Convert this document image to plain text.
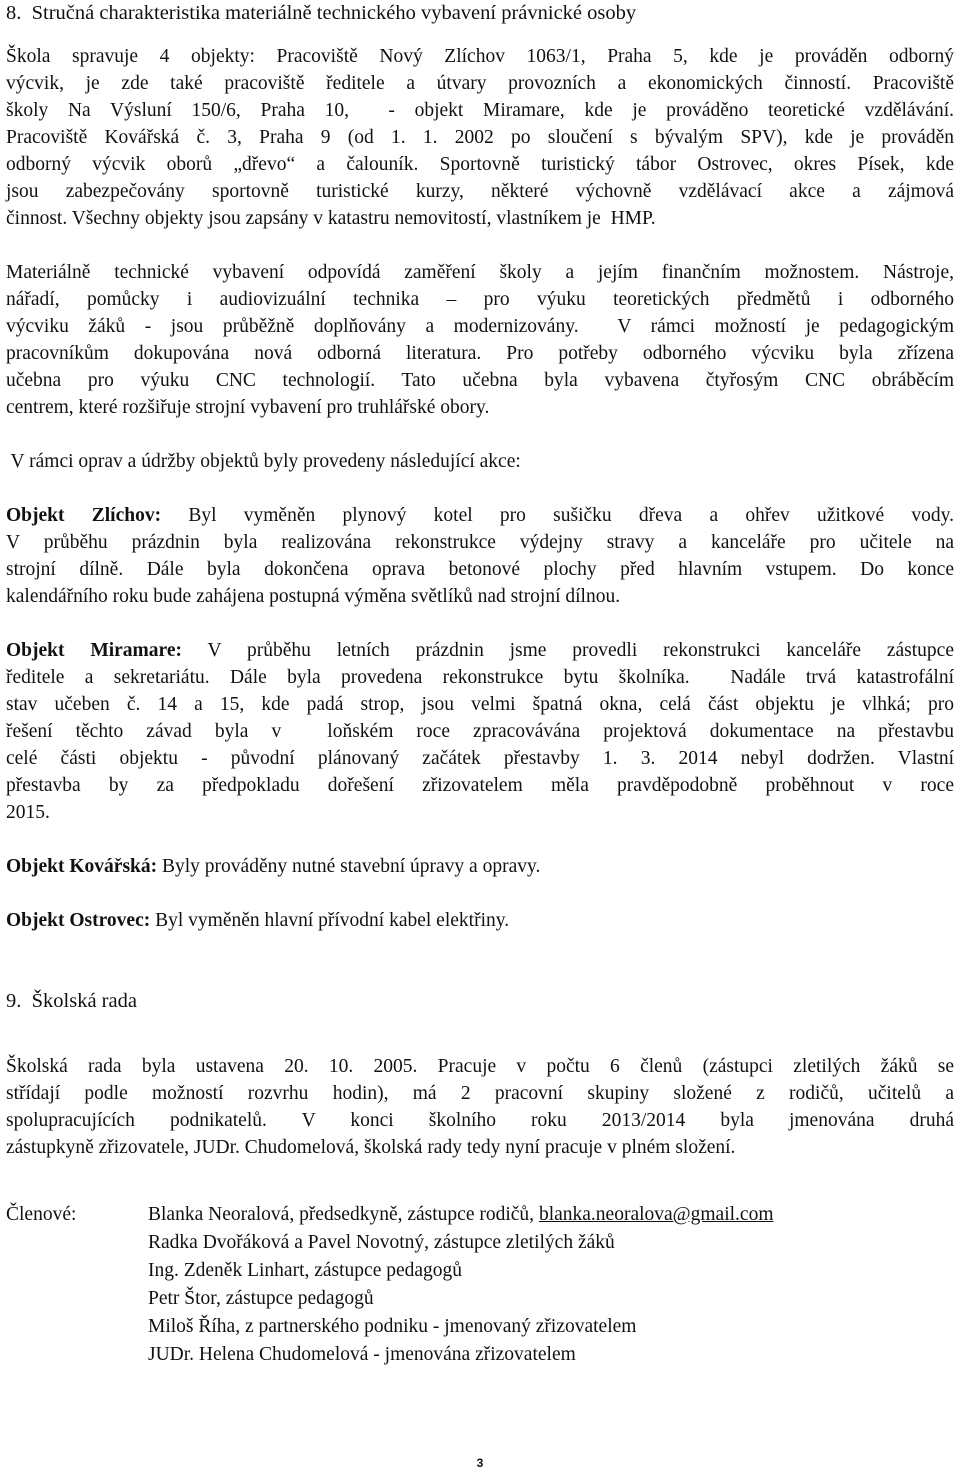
8.  Stručná charakteristika materiálně technického vybavení právnické osoby
Škola spravuje 4 objekty: Pracoviště Nový Zlíchov 1063/1, Praha 5, kde je prováděn odborný
výcvik, je zde také pracoviště ředitele a útvary provozních a ekonomických činností. Pracoviště
školy Na Výsluní 150/6, Praha 10,  - objekt Miramare, kde je prováděno teoretické vzdělávání.
Pracoviště Kovářská č. 3, Praha 9 (od 1. 1. 2002 po sloučení s bývalým SPV), kde je prováděn
odborný výcvik oborů „dřevo“ a čalouník. Sportovně turistický tábor Ostrovec, okres Písek, kde
jsou zabezpečovány sportovně turistické kurzy, některé výchovně vzdělávací akce a zájmová
činnost. Všechny objekty jsou zapsány v katastru nemovitostí, vlastníkem je  HMP.
Materiálně technické vybavení odpovídá zaměření školy a jejím finančním možnostem. Nástroje,
nářadí, pomůcky i audiovizuální technika – pro výuku teoretických předmětů i odborného
výcviku žáků - jsou průběžně doplňovány a modernizovány.  V rámci možností je pedagogickým
pracovníkům dokupována nová odborná literatura. Pro potřeby odborného výcviku byla zřízena
učebna pro výuku CNC technologií. Tato učebna byla vybavena čtyřosým CNC obráběcím
centrem, které rozšiřuje strojní vybavení pro truhlářské obory.
V rámci oprav a údržby objektů byly provedeny následující akce:
Objekt Zlíchov: Byl vyměněn plynový kotel pro sušičku dřeva a ohřev užitkové vody.
V průběhu prázdnin byla realizována rekonstrukce výdejny stravy a kanceláře pro učitele na
strojní dílně. Dále byla dokončena oprava betonové plochy před hlavním vstupem. Do konce
kalendářního roku bude zahájena postupná výměna světlíků nad strojní dílnou.
Objekt Miramare: V průběhu letních prázdnin jsme provedli rekonstrukci kanceláře zástupce
ředitele a sekretariátu. Dále byla provedena rekonstrukce bytu školníka.  Nadále trvá katastrofální
stav učeben č. 14 a 15, kde padá strop, jsou velmi špatná okna, celá část objektu je vlhká; pro
řešení těchto závad byla v  loňském roce zpracovávána projektová dokumentace na přestavbu
celé části objektu - původní plánovaný začátek přestavby 1. 3. 2014 nebyl dodržen. Vlastní
přestavba by za předpokladu dořešení zřizovatelem měla pravděpodobně proběhnout v roce
2015.
Objekt Kovářská: Byly prováděny nutné stavební úpravy a opravy.
Objekt Ostrovec: Byl vyměněn hlavní přívodní kabel elektřiny.
9.  Školská rada
Školská rada byla ustavena 20. 10. 2005. Pracuje v počtu 6 členů (zástupci zletilých žáků se
střídají podle možností rozvrhu hodin), má 2 pracovní skupiny složené z rodičů, učitelů a
spolupracujících podnikatelů. V konci školního roku 2013/2014 byla jmenována druhá
zástupkyně zřizovatele, JUDr. Chudomelová, školská rady tedy nyní pracuje v plném složení.
Členové:	Blanka Neoralová, předsedkyně, zástupce rodičů, blanka.neoralova@gmail.com
Radka Dvořáková a Pavel Novotný, zástupce zletilých žáků
Ing. Zdeněk Linhart, zástupce pedagogů
Petr Štor, zástupce pedagogů
Miloš Říha, z partnerského podniku - jmenovaný zřizovatelem
JUDr. Helena Chudomelová - jmenována zřizovatelem
3
